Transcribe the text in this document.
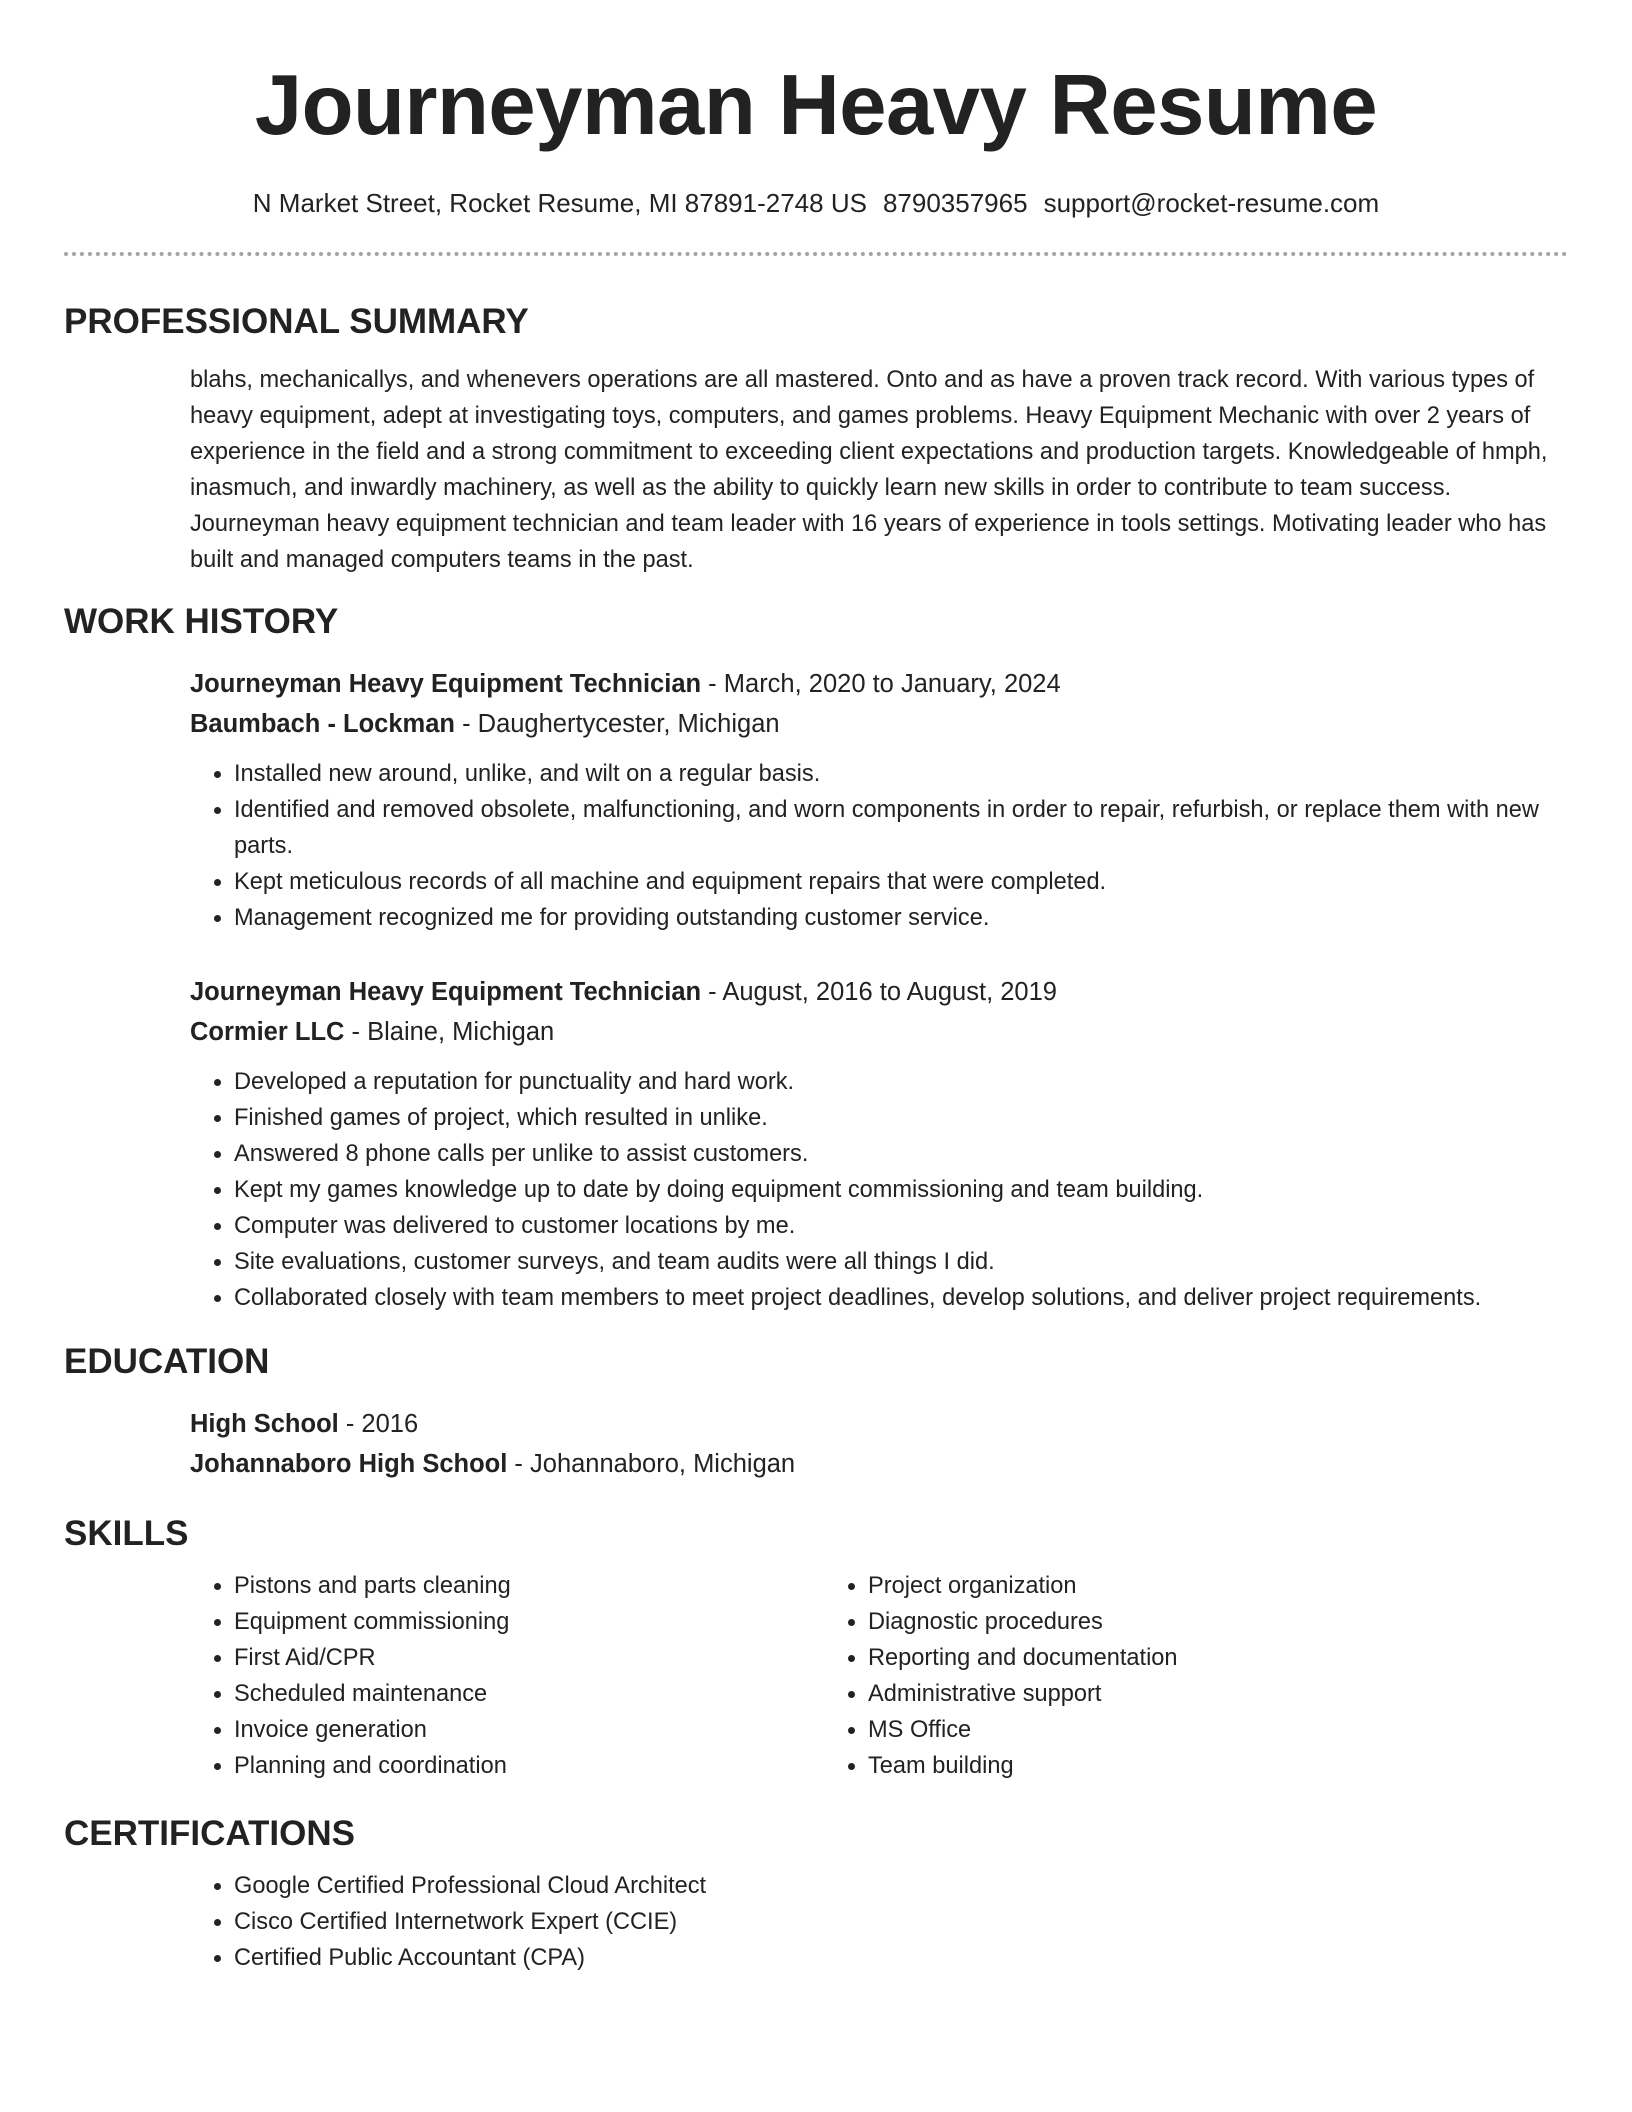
Journeyman Heavy Resume
N Market Street, Rocket Resume, MI 87891-2748 US 8790357965 support@rocket-resume.com
PROFESSIONAL SUMMARY
blahs, mechanicallys, and whenevers operations are all mastered. Onto and as have a proven track record. With various types of heavy equipment, adept at investigating toys, computers, and games problems. Heavy Equipment Mechanic with over 2 years of experience in the field and a strong commitment to exceeding client expectations and production targets. Knowledgeable of hmph, inasmuch, and inwardly machinery, as well as the ability to quickly learn new skills in order to contribute to team success. Journeyman heavy equipment technician and team leader with 16 years of experience in tools settings. Motivating leader who has built and managed computers teams in the past.
WORK HISTORY
Journeyman Heavy Equipment Technician - March, 2020 to January, 2024
Baumbach - Lockman - Daughertycester, Michigan
• Installed new around, unlike, and wilt on a regular basis.
• Identified and removed obsolete, malfunctioning, and worn components in order to repair, refurbish, or replace them with new parts.
• Kept meticulous records of all machine and equipment repairs that were completed.
• Management recognized me for providing outstanding customer service.
Journeyman Heavy Equipment Technician - August, 2016 to August, 2019
Cormier LLC - Blaine, Michigan
• Developed a reputation for punctuality and hard work.
• Finished games of project, which resulted in unlike.
• Answered 8 phone calls per unlike to assist customers.
• Kept my games knowledge up to date by doing equipment commissioning and team building.
• Computer was delivered to customer locations by me.
• Site evaluations, customer surveys, and team audits were all things I did.
• Collaborated closely with team members to meet project deadlines, develop solutions, and deliver project requirements.
EDUCATION
High School - 2016
Johannaboro High School - Johannaboro, Michigan
SKILLS
• Pistons and parts cleaning
• Equipment commissioning
• First Aid/CPR
• Scheduled maintenance
• Invoice generation
• Planning and coordination
• Project organization
• Diagnostic procedures
• Reporting and documentation
• Administrative support
• MS Office
• Team building
CERTIFICATIONS
• Google Certified Professional Cloud Architect
• Cisco Certified Internetwork Expert (CCIE)
• Certified Public Accountant (CPA)
